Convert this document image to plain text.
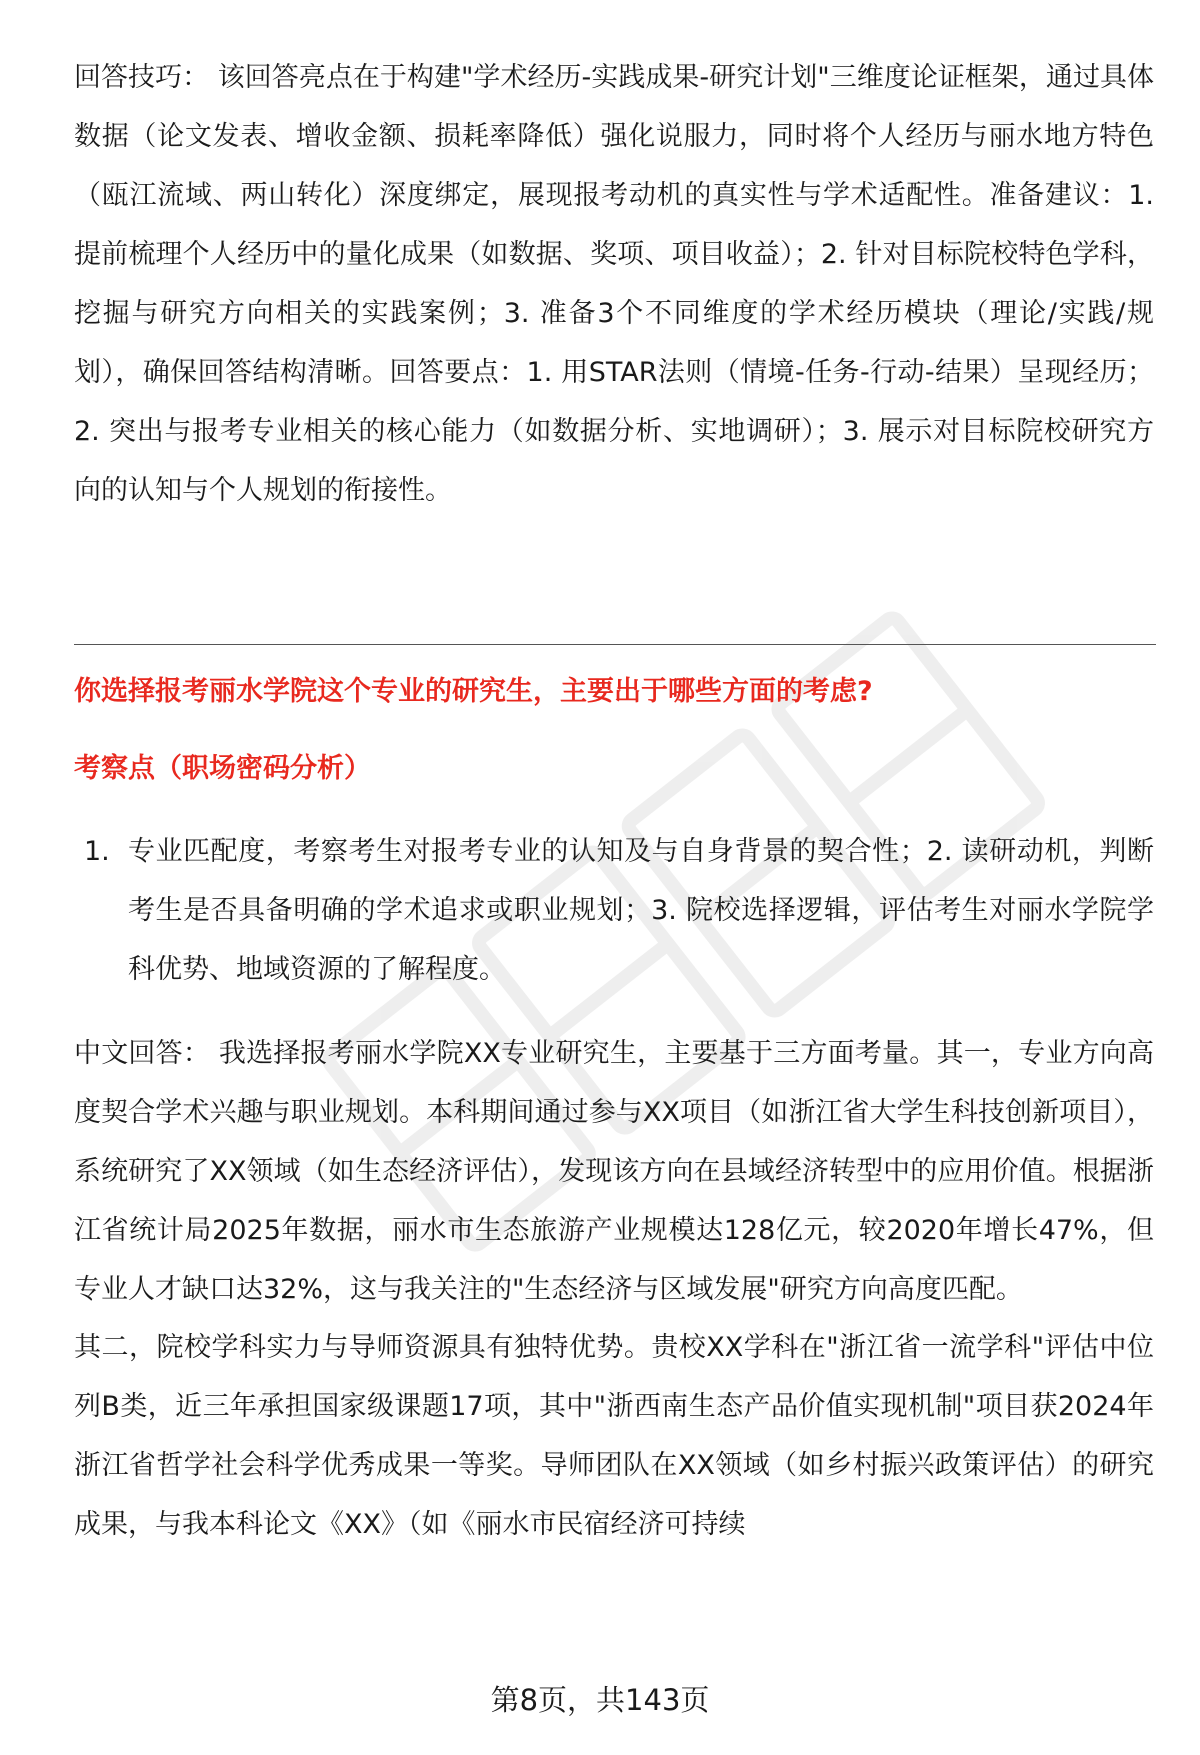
回答技巧： 该回答亮点在于构建"学术经历-实践成果-研究计划"三维度论证框架，通过具体数据（论文发表、增收金额、损耗率降低）强化说服力，同时将个人经历与丽水地方特色（瓯江流域、两山转化）深度绑定，展现报考动机的真实性与学术适配性。准备建议：1. 提前梳理个人经历中的量化成果（如数据、奖项、项目收益）；2. 针对目标院校特色学科，挖掘与研究方向相关的实践案例；3. 准备3个不同维度的学术经历模块（理论/实践/规划），确保回答结构清晰。回答要点：1. 用STAR法则（情境-任务-行动-结果）呈现经历；2. 突出与报考专业相关的核心能力（如数据分析、实地调研）；3. 展示对目标院校研究方向的认知与个人规划的衔接性。

你选择报考丽水学院这个专业的研究生，主要出于哪些方面的考虑?

考察点（职场密码分析）

1. 专业匹配度，考察考生对报考专业的认知及与自身背景的契合性；2. 读研动机，判断考生是否具备明确的学术追求或职业规划；3. 院校选择逻辑，评估考生对丽水学院学科优势、地域资源的了解程度。

中文回答： 我选择报考丽水学院XX专业研究生，主要基于三方面考量。其一，专业方向高度契合学术兴趣与职业规划。本科期间通过参与XX项目（如浙江省大学生科技创新项目），系统研究了XX领域（如生态经济评估），发现该方向在县域经济转型中的应用价值。根据浙江省统计局2025年数据，丽水市生态旅游产业规模达128亿元，较2020年增长47%，但专业人才缺口达32%，这与我关注的"生态经济与区域发展"研究方向高度匹配。

其二，院校学科实力与导师资源具有独特优势。贵校XX学科在"浙江省一流学科"评估中位列B类，近三年承担国家级课题17项，其中"浙西南生态产品价值实现机制"项目获2024年浙江省哲学社会科学优秀成果一等奖。导师团队在XX领域（如乡村振兴政策评估）的研究成果，与我本科论文《XX》（如《丽水市民宿经济可持续

第8页，共143页
